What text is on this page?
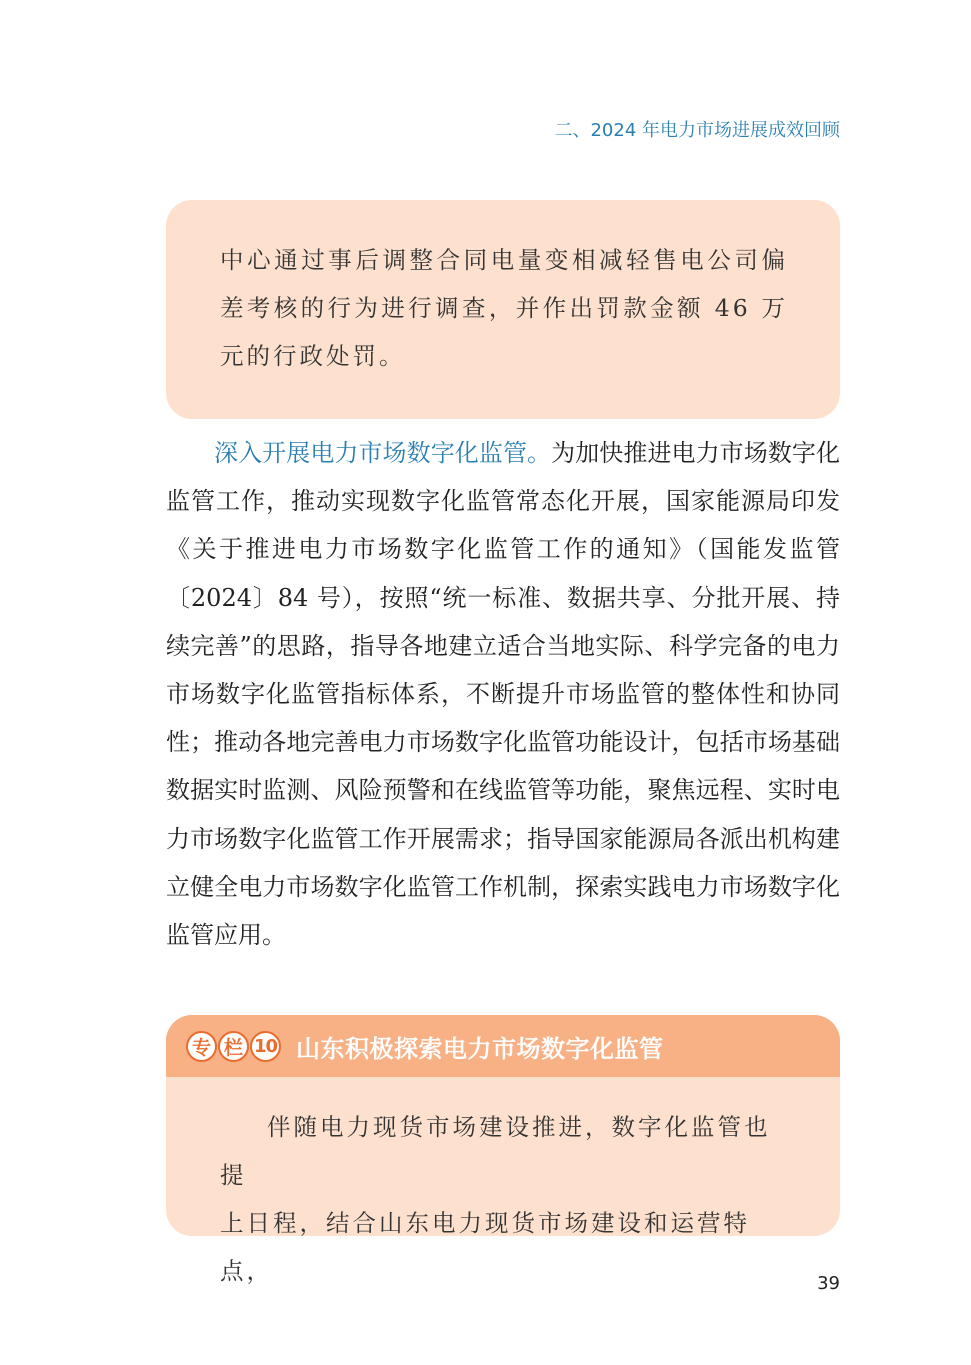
二、2024 年电力市场进展成效回顾
中心通过事后调整合同电量变相减轻售电公司偏差考核的行为进行调查，并作出罚款金额 46 万元的行政处罚。
深入开展电力市场数字化监管。为加快推进电力市场数字化监管工作，推动实现数字化监管常态化开展，国家能源局印发《关于推进电力市场数字化监管工作的通知》（国能发监管〔2024〕84 号），按照“统一标准、数据共享、分批开展、持续完善”的思路，指导各地建立适合当地实际、科学完备的电力市场数字化监管指标体系，不断提升市场监管的整体性和协同性；推动各地完善电力市场数字化监管功能设计，包括市场基础数据实时监测、风险预警和在线监管等功能，聚焦远程、实时电力市场数字化监管工作开展需求；指导国家能源局各派出机构建立健全电力市场数字化监管工作机制，探索实践电力市场数字化监管应用。
专 栏 10 山东积极探索电力市场数字化监管

伴随电力现货市场建设推进，数字化监管也提

上日程，结合山东电力现货市场建设和运营特点，	39
